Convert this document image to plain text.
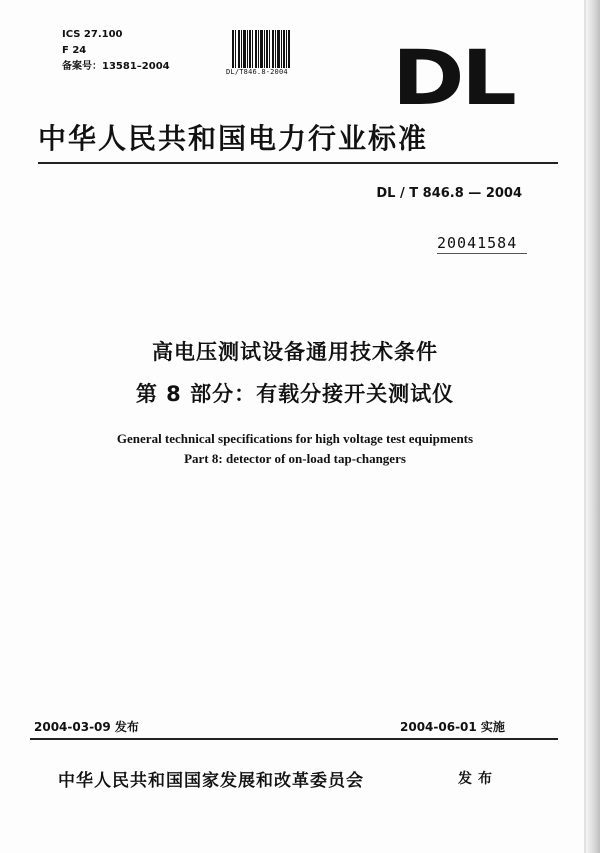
ICS 27.100
F 24
备案号：13581–2004	DL/T846.8-2004 DL
中华人民共和国电力行业标准
DL / T 846.8 — 2004
20041584
高电压测试设备通用技术条件
第 8 部分：有载分接开关测试仪
General technical specifications for high voltage test equipments
Part 8: detector of on-load tap-changers
2004-03-09 发布	2004-06-01 实施
中华人民共和国国家发展和改革委员会	发布
